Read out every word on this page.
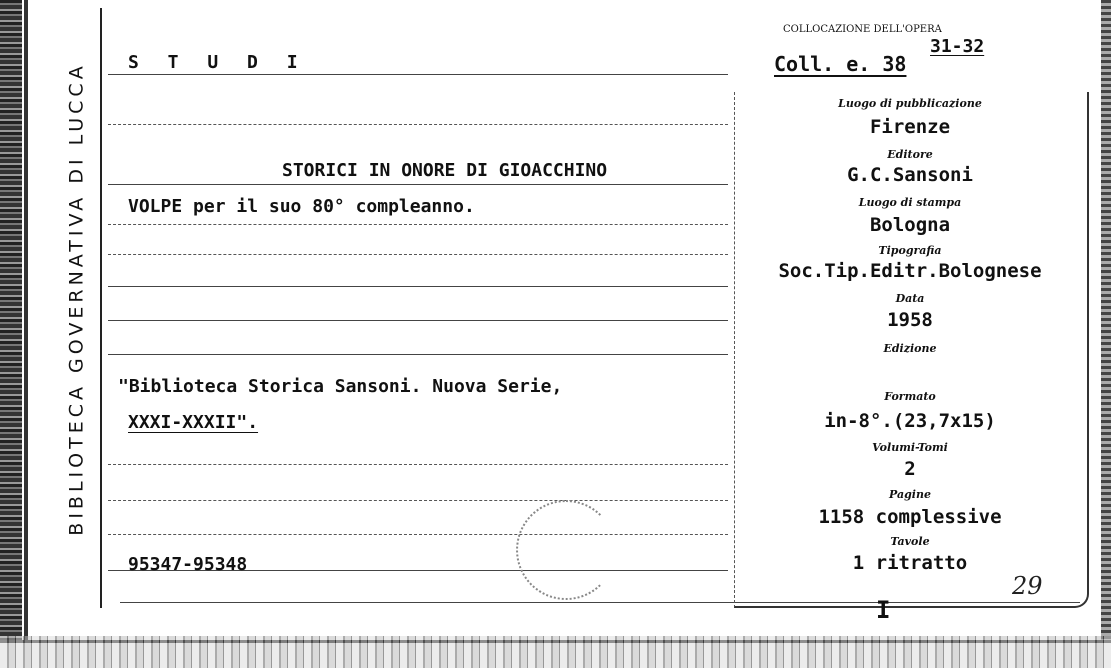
BIBLIOTECA GOVERNATIVA DI LUCCA S T U D I
STORICI IN ONORE DI GIOACCHINO
VOLPE per il suo 80° compleanno.
"Biblioteca Storica Sansoni. Nuova Serie,
XXXI-XXXII".
95347-95348
COLLOCAZIONE DELL'OPERA
Coll. e. 38
31-32
Luogo di pubblicazione
Firenze
Editore
G.C.Sansoni
Luogo di stampa
Bologna
Tipografia
Soc.Tip.Editr.Bolognese
Data
1958
Edizione
Formato
in-8°.(23,7x15)
Volumi-Tomi
2
Pagine
1158 complessive
Tavole
1 ritratto
29
I
